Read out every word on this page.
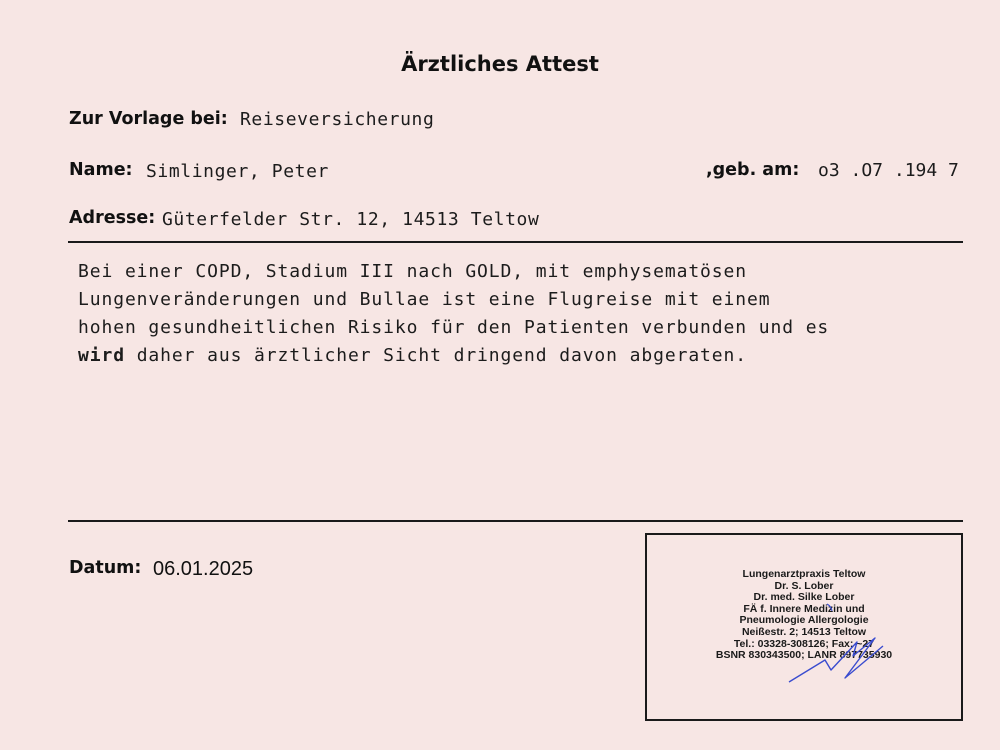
Ärztliches Attest
Zur Vorlage bei: Reiseversicherung
Name: Simlinger, Peter	,geb. am: o3 .O7 .194 7
Adresse: Güterfelder Str. 12, 14513 Teltow
Bei einer COPD, Stadium III nach GOLD, mit emphysematösen
Lungenveränderungen und Bullae ist eine Flugreise mit einem
hohen gesundheitlichen Risiko für den Patienten verbunden und es
wird daher aus ärztlicher Sicht dringend davon abgeraten.
Datum: 06.01.2025	Lungenarztpraxis Teltow
Dr. S. Lober
Dr. med. Silke Lober
FÄ f. Innere Medizin und
Pneumologie Allergologie
Neißestr. 2; 14513 Teltow
Tel.: 03328-308126; Fax: ~27
BSNR 830343500; LANR 897735930
